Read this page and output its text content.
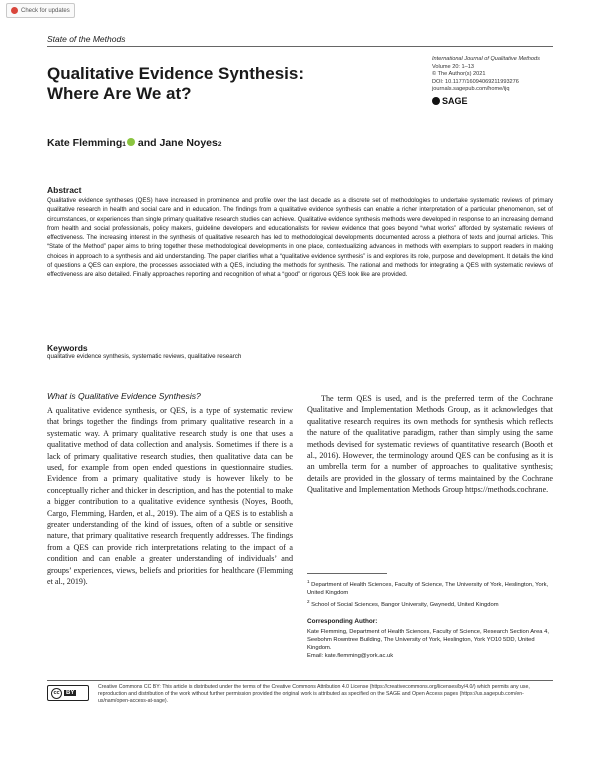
Check for updates
State of the Methods
International Journal of Qualitative Methods
Volume 20: 1–13
© The Author(s) 2021
DOI: 10.1177/16094069211993276
journals.sagepub.com/home/ijq
SAGE
Qualitative Evidence Synthesis:
Where Are We at?
Kate Flemming 1 and Jane Noyes 2
Abstract
Qualitative evidence syntheses (QES) have increased in prominence and profile over the last decade as a discrete set of methodologies to undertake systematic reviews of primary qualitative research in health and social care and in education. The findings from a qualitative evidence synthesis can enable a richer interpretation of a particular phenomenon, set of circumstances, or experiences than single primary qualitative research studies can achieve. Qualitative evidence synthesis methods were developed in response to an increasing demand from health and social professionals, policy makers, guideline developers and educationalists for review evidence that goes beyond “what works” afforded by systematic reviews of effectiveness. The increasing interest in the synthesis of qualitative research has led to methodological developments documented across a plethora of texts and journal articles. This “State of the Method” paper aims to bring together these methodological developments in one place, contextualizing advances in methods with exemplars to support readers in making choices in approach to a synthesis and aid understanding. The paper clarifies what a “qualitative evidence synthesis” is and explores its role, purpose and development. It details the kind of questions a QES can explore, the processes associated with a QES, including the methods for synthesis. The rational and methods for integrating a QES with systematic reviews of effectiveness are also detailed. Finally approaches reporting and recognition of what a “good” or rigorous QES look like are provided.
Keywords
qualitative evidence synthesis, systematic reviews, qualitative research
What is Qualitative Evidence Synthesis?
A qualitative evidence synthesis, or QES, is a type of systematic review that brings together the findings from primary qualitative research in a systematic way. A primary qualitative research study is one that uses a qualitative method of data collection and analysis. Sometimes if there is a lack of primary qualitative research studies, then qualitative data can be used, for example from open ended questions in questionnaire studies. Evidence from a primary qualitative study is however likely to be conceptually richer and thicker in description, and has the potential to make a bigger contribution to a qualitative evidence synthesis (Noyes, Booth, Cargo, Flemming, Harden, et al., 2019). The aim of a QES is to establish a greater understanding of the kind of issues, often of a subtle or sensitive nature, that primary qualitative research frequently addresses. The findings from a QES can provide rich interpretations relating to the impact of a condition and can enable a greater understanding of individuals’ and groups’ experiences, views, beliefs and priorities for healthcare (Flemming et al., 2019).
The term QES is used, and is the preferred term of the Cochrane Qualitative and Implementation Methods Group, as it acknowledges that qualitative research requires its own methods for synthesis which reflects the nature of the qualitative paradigm, rather than simply using the same methods devised for systematic reviews of quantitative research (Booth et al., 2016). However, the terminology around QES can be confusing as it is an umbrella term for a number of approaches to qualitative synthesis; details are provided in the glossary of terms maintained by the Cochrane Qualitative and Implementation Methods Group https://methods.cochrane.
$^1$ Department of Health Sciences, Faculty of Science, The University of York, Heslington, York, United Kingdom
$^2$ School of Social Sciences, Bangor University, Gwynedd, United Kingdom
Corresponding Author:
Kate Flemming, Department of Health Sciences, Faculty of Science, Research Section Area 4, Seebohm Rowntree Building, The University of York, Heslington, York YO10 5DD, United Kingdom.
Email: kate.flemming@york.ac.uk
cc	BY
Creative Commons CC BY: This article is distributed under the terms of the Creative Commons Attribution 4.0 License (https://creativecommons.org/licenses/by/4.0/) which permits any use, reproduction and distribution of the work without further permission provided the original work is attributed as specified on the SAGE and Open Access pages (https://us.sagepub.com/en-us/nam/open-access-at-sage).
